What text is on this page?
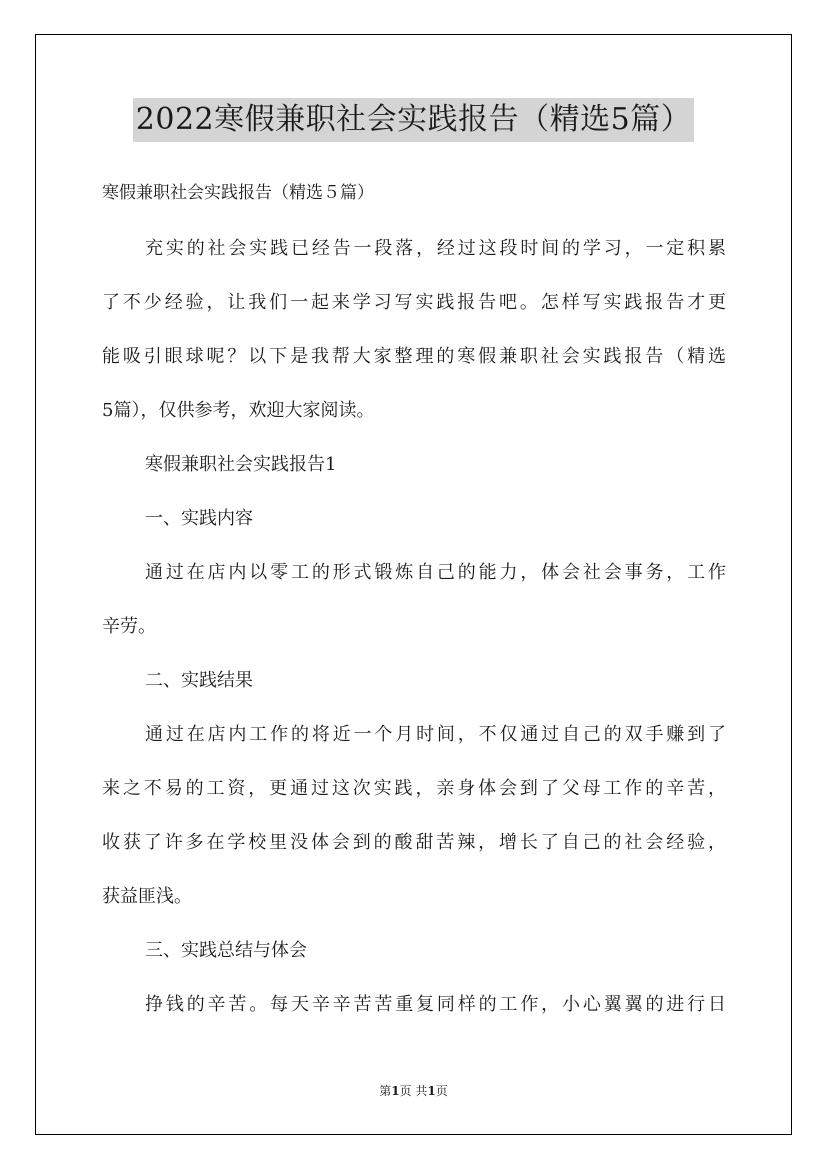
2022寒假兼职社会实践报告（精选5篇）

寒假兼职社会实践报告（精选５篇）

充实的社会实践已经告一段落，经过这段时间的学习，一定积累

了不少经验，让我们一起来学习写实践报告吧。怎样写实践报告才更

能吸引眼球呢？以下是我帮大家整理的寒假兼职社会实践报告（精选

5篇），仅供参考，欢迎大家阅读。

寒假兼职社会实践报告1

一、实践内容

通过在店内以零工的形式锻炼自己的能力，体会社会事务，工作

辛劳。

二、实践结果

通过在店内工作的将近一个月时间，不仅通过自己的双手赚到了

来之不易的工资，更通过这次实践，亲身体会到了父母工作的辛苦，

收获了许多在学校里没体会到的酸甜苦辣，增长了自己的社会经验，

获益匪浅。

三、实践总结与体会

挣钱的辛苦。每天辛辛苦苦重复同样的工作，小心翼翼的进行日

第1页 共1页
